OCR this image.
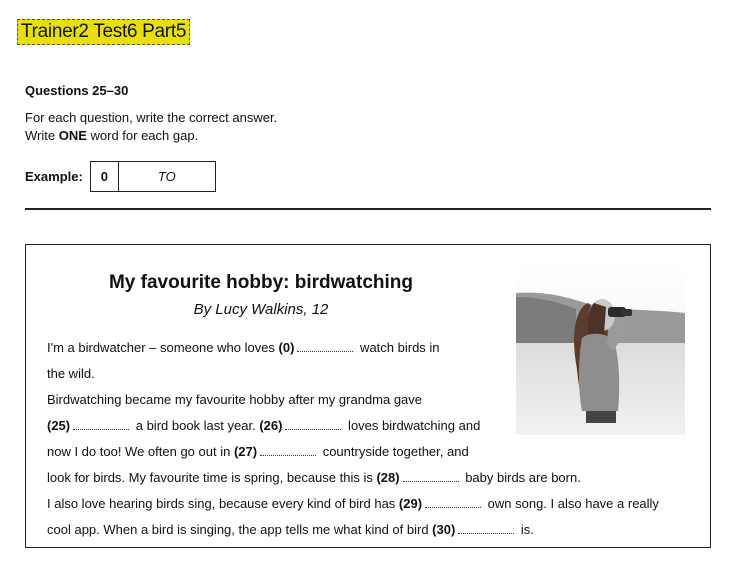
Trainer2 Test6 Part5
Questions 25–30
For each question, write the correct answer.
Write ONE word for each gap.
Example:	0	TO
My favourite hobby: birdwatching
By Lucy Walkins, 12
I'm a birdwatcher – someone who loves (0)	watch birds in
the wild.
Birdwatching became my favourite hobby after my grandma gave
(25)	a bird book last year. (26)	loves birdwatching and
now I do too! We often go out in (27)	countryside together, and
look for birds. My favourite time is spring, because this is (28)	baby birds are born.
I also love hearing birds sing, because every kind of bird has (29)	own song. I also have a really
cool app. When a bird is singing, the app tells me what kind of bird (30)	is.
